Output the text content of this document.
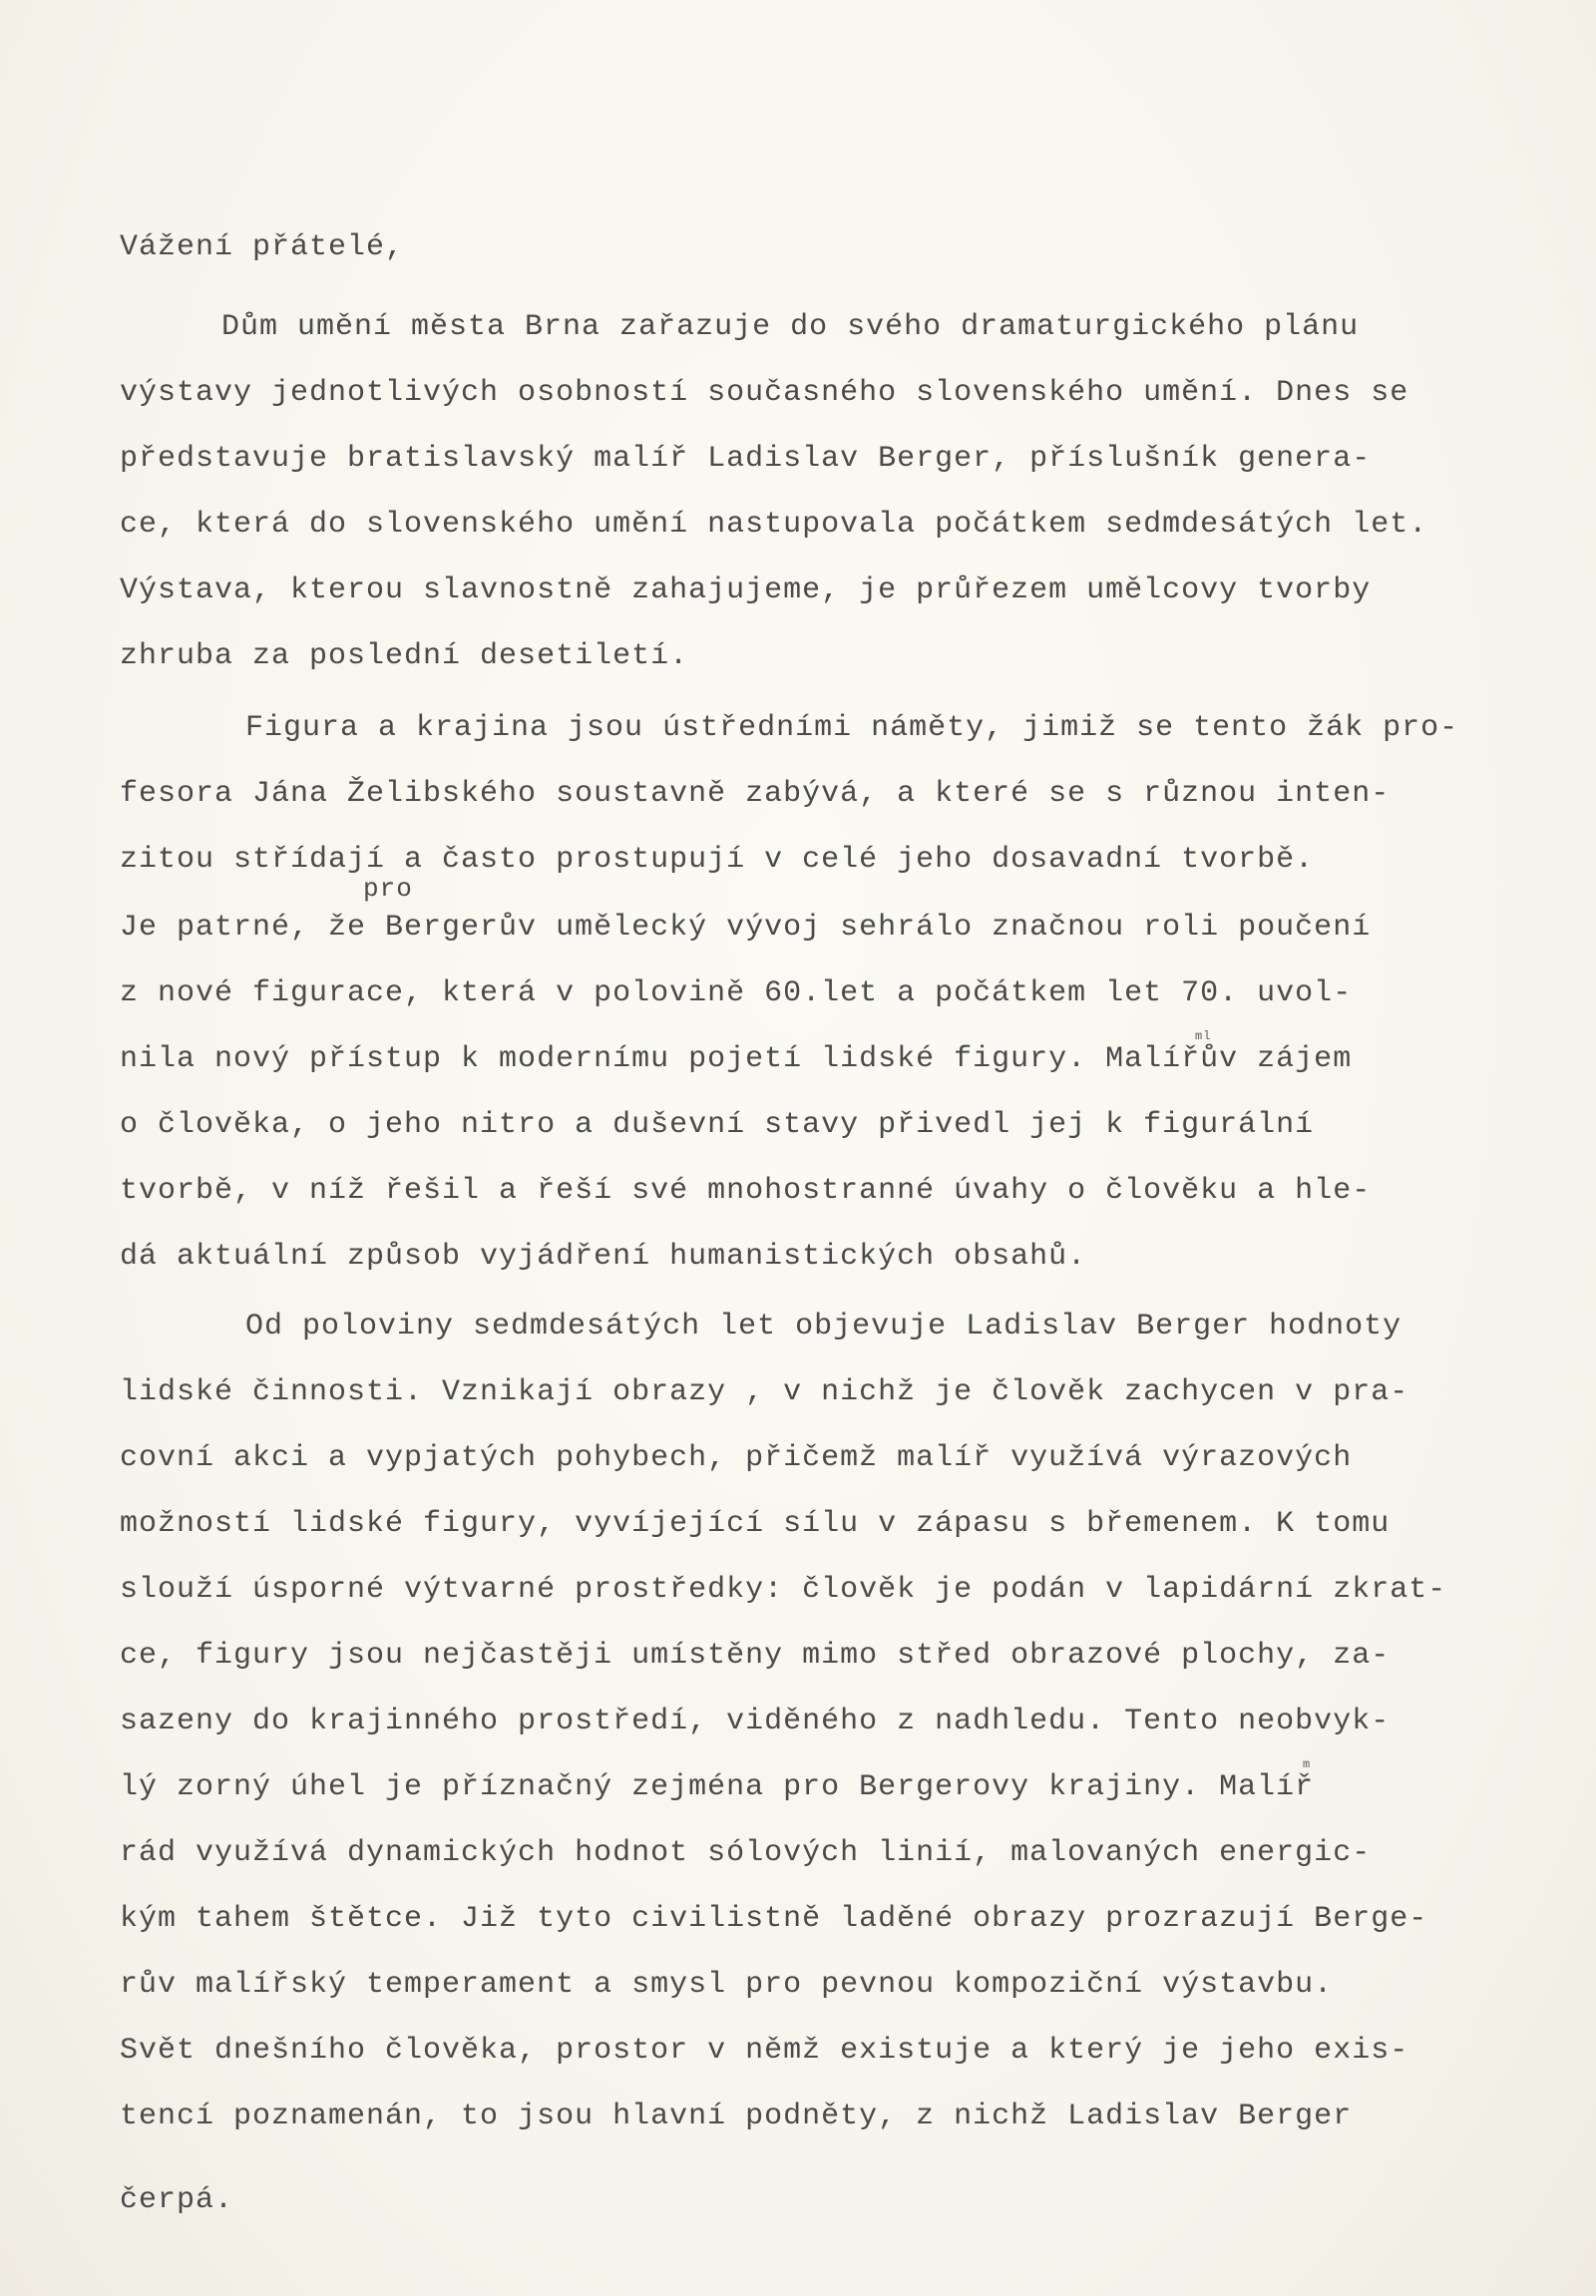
Vážení přátelé,
Dům umění města Brna zařazuje do svého dramaturgického plánu
výstavy jednotlivých osobností současného slovenského umění. Dnes se
představuje bratislavský malíř Ladislav Berger, příslušník genera-
ce, která do slovenského umění nastupovala počátkem sedmdesátých let.
Výstava, kterou slavnostně zahajujeme, je průřezem umělcovy tvorby
zhruba za poslední desetiletí.
Figura a krajina jsou ústředními náměty, jimiž se tento žák pro-
fesora Jána Želibského soustavně zabývá, a které se s různou inten-
zitou střídají a často prostupují v celé jeho dosavadní tvorbě.
pro
Je patrné, že Bergerův umělecký vývoj sehrálo značnou roli poučení
z nové figurace, která v polovině 60.let a počátkem let 70. uvol-
nila nový přístup k modernímu pojetí lidské figury. Malířův zájem
ml
o člověka, o jeho nitro a duševní stavy přivedl jej k figurální
tvorbě, v níž řešil a řeší své mnohostranné úvahy o člověku a hle-
dá aktuální způsob vyjádření humanistických obsahů.
Od poloviny sedmdesátých let objevuje Ladislav Berger hodnoty
lidské činnosti. Vznikají obrazy , v nichž je člověk zachycen v pra-
covní akci a vypjatých pohybech, přičemž malíř využívá výrazových
možností lidské figury, vyvíjející sílu v zápasu s břemenem. K tomu
slouží úsporné výtvarné prostředky: člověk je podán v lapidární zkrat-
ce, figury jsou nejčastěji umístěny mimo střed obrazové plochy, za-
sazeny do krajinného prostředí, viděného z nadhledu. Tento neobvyk-
lý zorný úhel je příznačný zejména pro Bergerovy krajiny. Malíř
m
rád využívá dynamických hodnot sólových linií, malovaných energic-
kým tahem štětce. Již tyto civilistně laděné obrazy prozrazují Berge-
rův malířský temperament a smysl pro pevnou kompoziční výstavbu.
Svět dnešního člověka, prostor v němž existuje a který je jeho exis-
tencí poznamenán, to jsou hlavní podněty, z nichž Ladislav Berger
čerpá.
